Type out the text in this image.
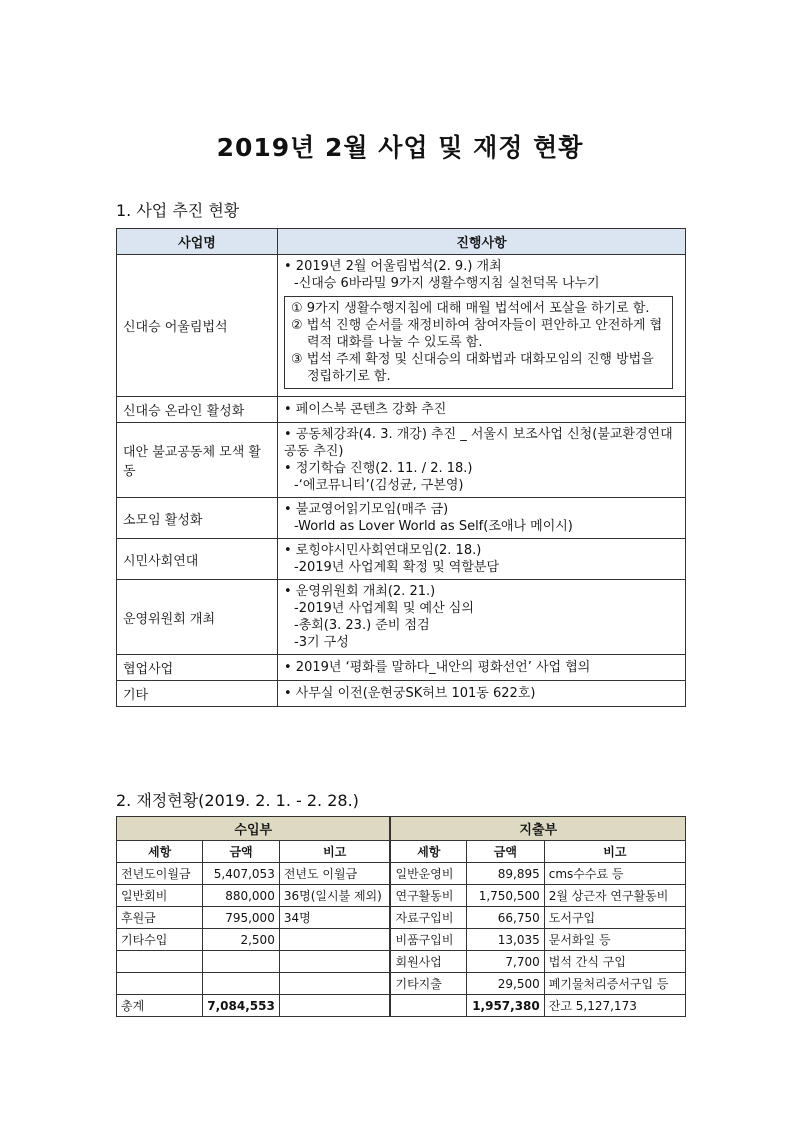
2019년 2월 사업 및 재정 현황
1. 사업 추진 현황
사업명	진행사항
신대승 어울림법석	• 2019년 2월 어울림법석(2. 9.) 개최
-신대승 6바라밀 9가지 생활수행지침 실천덕목 나누기
① 9가지 생활수행지침에 대해 매월 법석에서 포살을 하기로 함.
② 법석 진행 순서를 재정비하여 참여자들이 편안하고 안전하게 협력적 대화를 나눌 수 있도록 함.
③ 법석 주제 확정 및 신대승의 대화법과 대화모임의 진행 방법을 정립하기로 함.

신대승 온라인 활성화	• 페이스북 콘텐츠 강화 추진

대안 불교공동체 모색 활동	• 공동체강좌(4. 3. 개강) 추진 _ 서울시 보조사업 신청(불교환경연대 공동 추진)
• 정기학습 진행(2. 11. / 2. 18.)
-‘에코뮤니티’(김성균, 구본영)

소모임 활성화	• 불교영어읽기모임(매주 금)
-World as Lover World as Self(조애나 메이시)

시민사회연대	• 로힝야시민사회연대모임(2. 18.)
-2019년 사업계획 확정 및 역할분담

운영위원회 개최	• 운영위원회 개최(2. 21.)
-2019년 사업계획 및 예산 심의
-총회(3. 23.) 준비 점검
-3기 구성

협업사업	• 2019년 ‘평화를 말하다_내안의 평화선언’ 사업 협의

기타	• 사무실 이전(운현궁SK허브 101동 622호)
2. 재정현황(2019. 2. 1. - 2. 28.)
수입부			지출부		
세항	금액	비고	세항	금액	비고
전년도이월금	5,407,053	전년도 이월금	일반운영비	89,895	cms수수료 등
일반회비	880,000	36명(일시불 제외)	연구활동비	1,750,500	2월 상근자 연구활동비
후원금	795,000	34명	자료구입비	66,750	도서구입
기타수입	2,500		비품구입비	13,035	문서화일 등
			회원사업	7,700	법석 간식 구입
			기타지출	29,500	폐기물처리증서구입 등
총계	7,084,553			1,957,380	잔고 5,127,173
